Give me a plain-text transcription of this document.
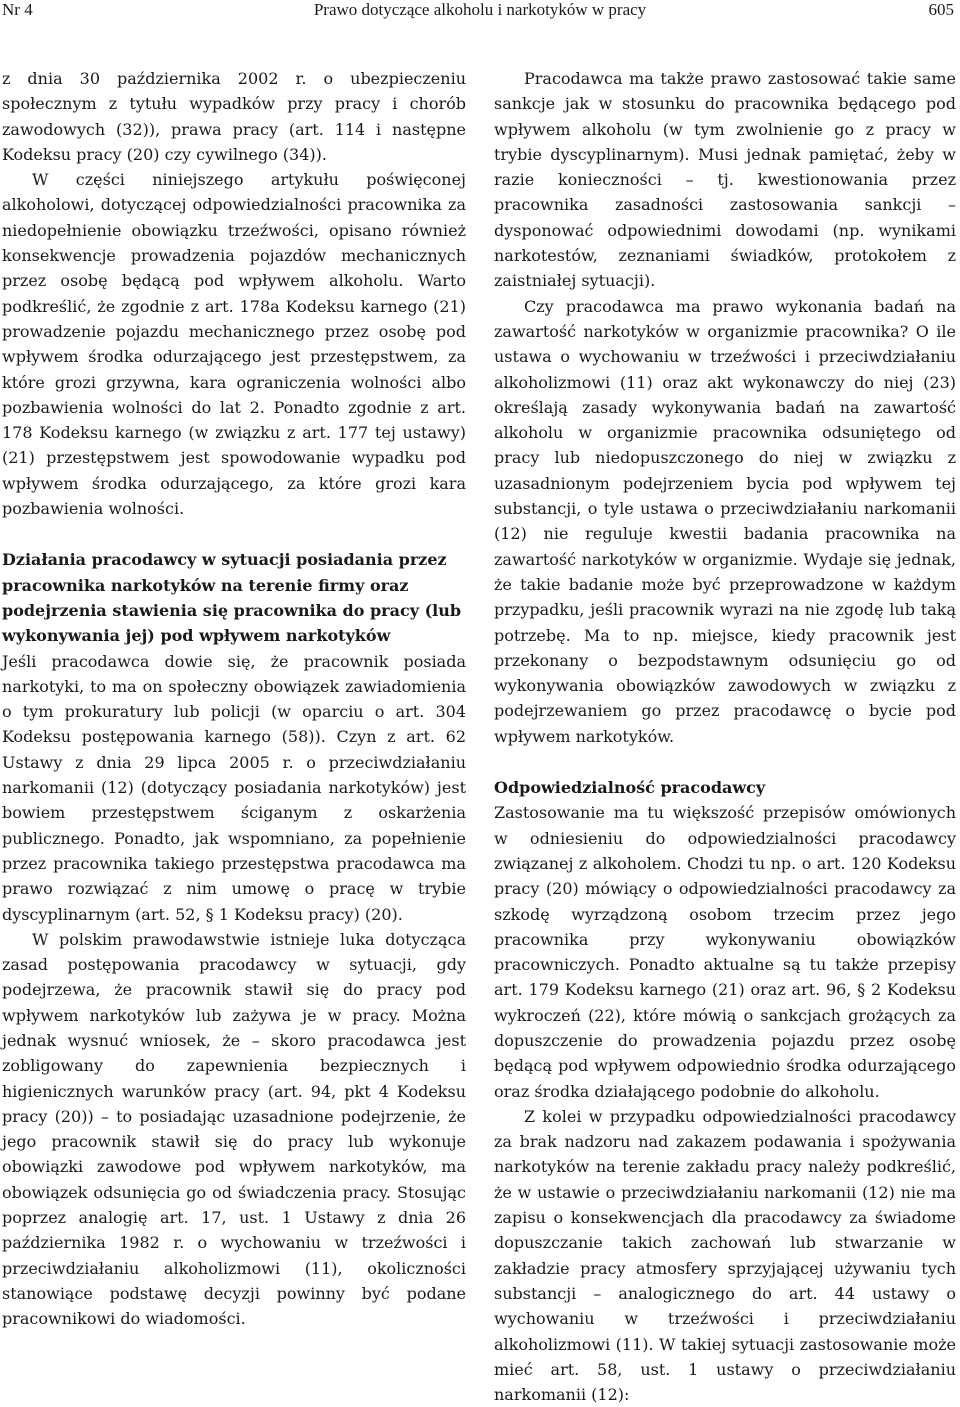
Nr 4	Prawo dotyczące alkoholu i narkotyków w pracy	605

z dnia 30 października 2002 r. o ubezpieczeniu społecznym z tytułu wypadków przy pracy i chorób zawodowych (32)), prawa pracy (art. 114 i następne Kodeksu pracy (20) czy cywilnego (34)).

W części niniejszego artykułu poświęconej alkoholowi, dotyczącej odpowiedzialności pracownika za niedopełnienie obowiązku trzeźwości, opisano również konsekwencje prowadzenia pojazdów mechanicznych przez osobę będącą pod wpływem alkoholu. Warto podkreślić, że zgodnie z art. 178a Kodeksu karnego (21) prowadzenie pojazdu mechanicznego przez osobę pod wpływem środka odurzającego jest przestępstwem, za które grozi grzywna, kara ograniczenia wolności albo pozbawienia wolności do lat 2. Ponadto zgodnie z art. 178 Kodeksu karnego (w związku z art. 177 tej ustawy) (21) przestępstwem jest spowodowanie wypadku pod wpływem środka odurzającego, za które grozi kara pozbawienia wolności.

Działania pracodawcy w sytuacji posiadania przez pracownika narkotyków na terenie firmy oraz podejrzenia stawienia się pracownika do pracy (lub wykonywania jej) pod wpływem narkotyków

Jeśli pracodawca dowie się, że pracownik posiada narkotyki, to ma on społeczny obowiązek zawiadomienia o tym prokuratury lub policji (w oparciu o art. 304 Kodeksu postępowania karnego (58)). Czyn z art. 62 Ustawy z dnia 29 lipca 2005 r. o przeciwdziałaniu narkomanii (12) (dotyczący posiadania narkotyków) jest bowiem przestępstwem ściganym z oskarżenia publicznego. Ponadto, jak wspomniano, za popełnienie przez pracownika takiego przestępstwa pracodawca ma prawo rozwiązać z nim umowę o pracę w trybie dyscyplinarnym (art. 52, § 1 Kodeksu pracy) (20).

W polskim prawodawstwie istnieje luka dotycząca zasad postępowania pracodawcy w sytuacji, gdy podejrzewa, że pracownik stawił się do pracy pod wpływem narkotyków lub zażywa je w pracy. Można jednak wysnuć wniosek, że – skoro pracodawca jest zobligowany do zapewnienia bezpiecznych i higienicznych warunków pracy (art. 94, pkt 4 Kodeksu pracy (20)) – to posiadając uzasadnione podejrzenie, że jego pracownik stawił się do pracy lub wykonuje obowiązki zawodowe pod wpływem narkotyków, ma obowiązek odsunięcia go od świadczenia pracy. Stosując poprzez analogię art. 17, ust. 1 Ustawy z dnia 26 października 1982 r. o wychowaniu w trzeźwości i przeciwdziałaniu alkoholizmowi (11), okoliczności stanowiące podstawę decyzji powinny być podane pracownikowi do wiadomości.

Pracodawca ma także prawo zastosować takie same sankcje jak w stosunku do pracownika będącego pod wpływem alkoholu (w tym zwolnienie go z pracy w trybie dyscyplinarnym). Musi jednak pamiętać, żeby w razie konieczności – tj. kwestionowania przez pracownika zasadności zastosowania sankcji – dysponować odpowiednimi dowodami (np. wynikami narkotestów, zeznaniami świadków, protokołem z zaistniałej sytuacji).

Czy pracodawca ma prawo wykonania badań na zawartość narkotyków w organizmie pracownika? O ile ustawa o wychowaniu w trzeźwości i przeciwdziałaniu alkoholizmowi (11) oraz akt wykonawczy do niej (23) określają zasady wykonywania badań na zawartość alkoholu w organizmie pracownika odsuniętego od pracy lub niedopuszczonego do niej w związku z uzasadnionym podejrzeniem bycia pod wpływem tej substancji, o tyle ustawa o przeciwdziałaniu narkomanii (12) nie reguluje kwestii badania pracownika na zawartość narkotyków w organizmie. Wydaje się jednak, że takie badanie może być przeprowadzone w każdym przypadku, jeśli pracownik wyrazi na nie zgodę lub taką potrzebę. Ma to np. miejsce, kiedy pracownik jest przekonany o bezpodstawnym odsunięciu go od wykonywania obowiązków zawodowych w związku z podejrzewaniem go przez pracodawcę o bycie pod wpływem narkotyków.

Odpowiedzialność pracodawcy

Zastosowanie ma tu większość przepisów omówionych w odniesieniu do odpowiedzialności pracodawcy związanej z alkoholem. Chodzi tu np. o art. 120 Kodeksu pracy (20) mówiący o odpowiedzialności pracodawcy za szkodę wyrządzoną osobom trzecim przez jego pracownika przy wykonywaniu obowiązków pracowniczych. Ponadto aktualne są tu także przepisy art. 179 Kodeksu karnego (21) oraz art. 96, § 2 Kodeksu wykroczeń (22), które mówią o sankcjach grożących za dopuszczenie do prowadzenia pojazdu przez osobę będącą pod wpływem odpowiednio środka odurzającego oraz środka działającego podobnie do alkoholu.

Z kolei w przypadku odpowiedzialności pracodawcy za brak nadzoru nad zakazem podawania i spożywania narkotyków na terenie zakładu pracy należy podkreślić, że w ustawie o przeciwdziałaniu narkomanii (12) nie ma zapisu o konsekwencjach dla pracodawcy za świadome dopuszczanie takich zachowań lub stwarzanie w zakładzie pracy atmosfery sprzyjającej używaniu tych substancji – analogicznego do art. 44 ustawy o wychowaniu w trzeźwości i przeciwdziałaniu alkoholizmowi (11). W takiej sytuacji zastosowanie może mieć art. 58, ust. 1 ustawy o przeciwdziałaniu narkomanii (12):
